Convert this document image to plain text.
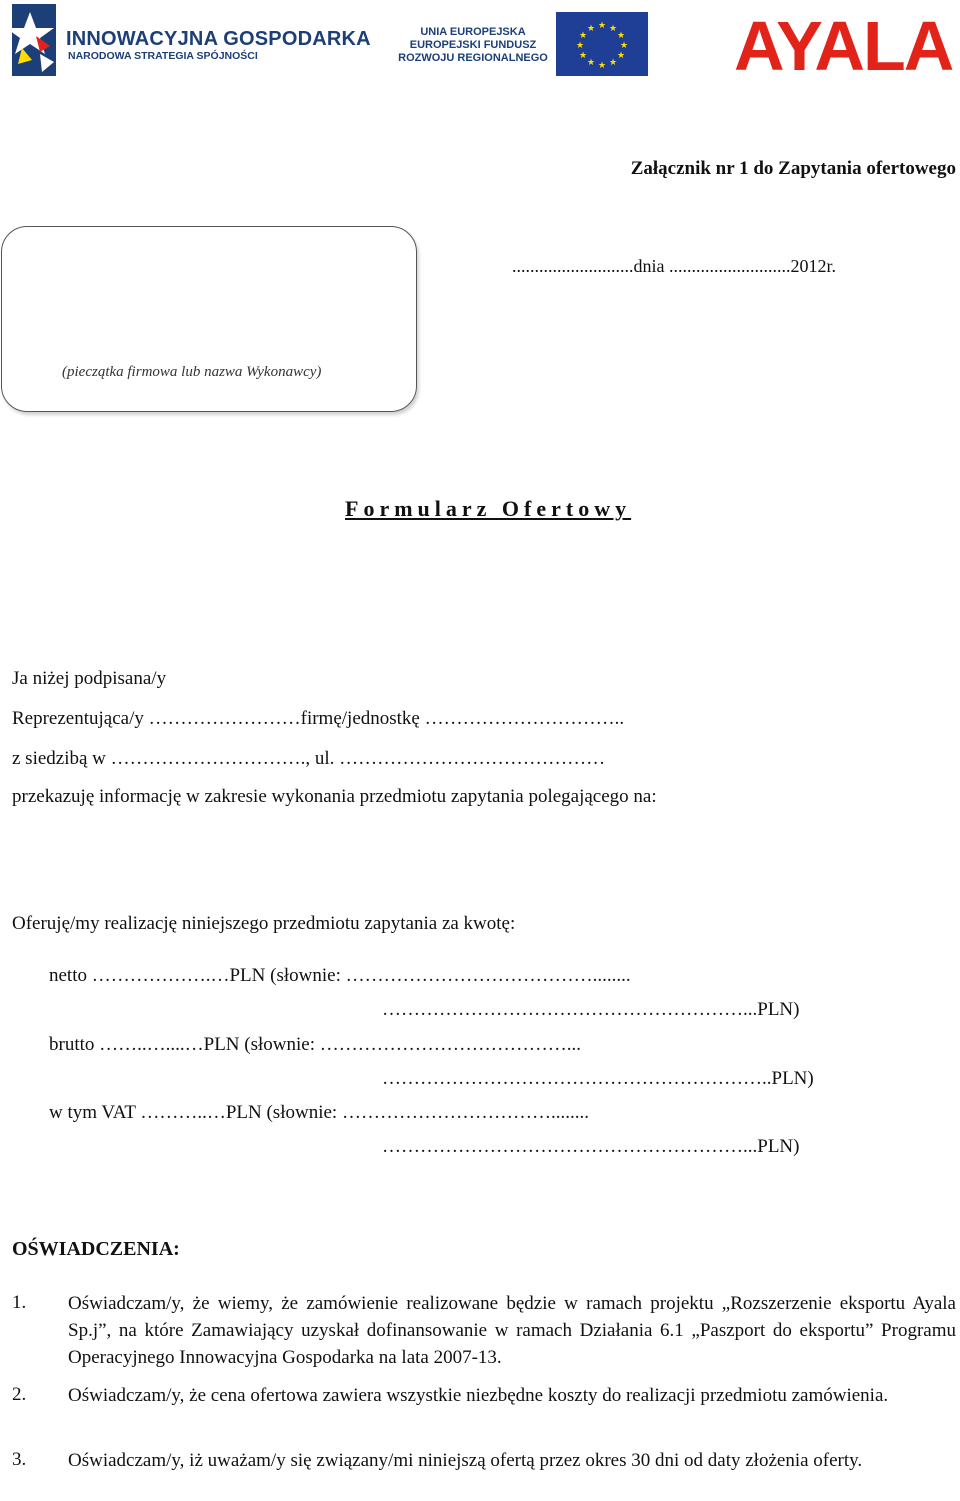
INNOWACYJNA GOSPODARKA
NARODOWA STRATEGIA SPÓJNOŚCI
UNIA EUROPEJSKA
EUROPEJSKI FUNDUSZ
ROZWOJU REGIONALNEGO
★ ★
★
★
★
★
★
★
★
★
★
★ AYALA
Załącznik nr 1 do Zapytania ofertowego
(pieczątka firmowa lub nazwa Wykonawcy)
...........................dnia ...........................2012r.
Formularz Ofertowy
Ja niżej podpisana/y
Reprezentująca/y ……………………firmę/jednostkę …………………………..
z siedzibą w …………………………., ul. ……………………………………
przekazuję informację w zakresie wykonania przedmiotu zapytania polegającego na:
Oferuję/my realizację niniejszego przedmiotu zapytania za kwotę:
netto ……………….…PLN (słownie: …………………………………........
…………………………………………………...PLN)
brutto ……..…....…PLN (słownie: …………………………………...
……………………………………………………..PLN)
w tym VAT ………..…PLN (słownie: ……………………………........
…………………………………………………...PLN)
OŚWIADCZENIA:
1. Oświadczam/y, że wiemy, że zamówienie realizowane będzie w ramach projektu „Rozszerzenie eksportu Ayala Sp.j”, na które Zamawiający uzyskał dofinansowanie w ramach Działania 6.1 „Paszport do eksportu” Programu Operacyjnego Innowacyjna Gospodarka na lata 2007-13.
2. Oświadczam/y, że cena ofertowa zawiera wszystkie niezbędne koszty do realizacji przedmiotu zamówienia.
3. Oświadczam/y, iż uważam/y się związany/mi niniejszą ofertą przez okres 30 dni od daty złożenia oferty.
